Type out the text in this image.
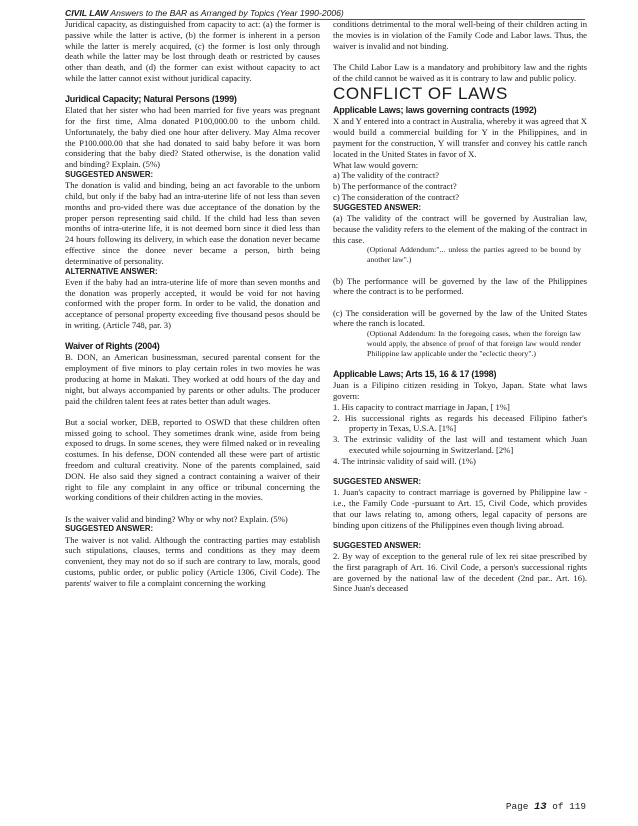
CIVIL LAW Answers to the BAR as Arranged by Topics (Year 1990-2006)

Juridical capacity, as distinguished from capacity to act: (a) the former is passive while the latter is active, (b) the former is inherent in a person while the latter is merely acquired, (c) the former is lost only through death while the latter may be lost through death or restricted by causes other than death, and (d) the former can exist without capacity to act while the latter cannot exist without juridical capacity.

Juridical Capacity; Natural Persons (1999)

Elated that her sister who had been married for five years was pregnant for the first time, Alma donated P100,000.00 to the unborn child. Unfortunately, the baby died one hour after delivery. May Alma recover the P100.000.00 that she had donated to said baby before it was born considering that the baby died? Stated otherwise, is the donation valid and binding? Explain. (5%)

SUGGESTED ANSWER:

The donation is valid and binding, being an act favorable to the unborn child, but only if the baby had an intra-uterine life of not less than seven months and pro-vided there was due acceptance of the donation by the proper person representing said child. If the child had less than seven months of intra-uterine life, it is not deemed born since it died less than 24 hours following its delivery, in which ease the donation never became effective since the donee never became a person, birth being determinative of personality.

ALTERNATIVE ANSWER:

Even if the baby had an intra-uterine life of more than seven months and the donation was properly accepted, it would be void for not having conformed with the proper form. In order to be valid, the donation and acceptance of personal property exceeding five thousand pesos should be in writing. (Article 748, par. 3)

Waiver of Rights (2004)

B. DON, an American businessman, secured parental consent for the employment of five minors to play certain roles in two movies he was producing at home in Makati. They worked at odd hours of the day and night, but always accompanied by parents or other adults. The producer paid the children talent fees at rates better than adult wages.

But a social worker, DEB, reported to OSWD that these children often missed going to school. They sometimes drank wine, aside from being exposed to drugs. In some scenes, they were filmed naked or in revealing costumes. In his defense, DON contended all these were part of artistic freedom and cultural creativity. None of the parents complained, said DON. He also said they signed a contract containing a waiver of their right to file any complaint in any office or tribunal concerning the working conditions of their children acting in the movies.

Is the waiver valid and binding? Why or why not? Explain. (5%)

SUGGESTED ANSWER:

The waiver is not valid. Although the contracting parties may establish such stipulations, clauses, terms and conditions as they may deem convenient, they may not do so if such are contrary to law, morals, good customs, public order, or public policy (Article 1306, Civil Code). The parents' waiver to file a complaint concerning the working

conditions detrimental to the moral well-being of their children acting in the movies is in violation of the Family Code and Labor laws. Thus, the waiver is invalid and not binding.

The Child Labor Law is a mandatory and prohibitory law and the rights of the child cannot be waived as it is contrary to law and public policy.

CONFLICT OF LAWS

Applicable Laws; laws governing contracts (1992)

X and Y entered into a contract in Australia, whereby it was agreed that X would build a commercial building for Y in the Philippines, and in payment for the construction, Y will transfer and convey his cattle ranch located in the United States in favor of X.

What law would govern:

a) The validity of the contract?

b) The performance of the contract?

c) The consideration of the contract?

SUGGESTED ANSWER:

(a) The validity of the contract will be governed by Australian law, because the validity refers to the element of the making of the contract in this case.

(Optional Addendum:"... unless the parties agreed to be bound by another law".)

(b) The performance will be governed by the law of the Philippines where the contract is to be performed.

(c) The consideration will be governed by the law of the United States where the ranch is located.

(Optional Addendum: In the foregoing cases, when the foreign law would apply, the absence of proof of that foreign law would render Philippine law applicable under the "eclectic theory".)

Applicable Laws; Arts 15, 16 & 17 (1998)

Juan is a Filipino citizen residing in Tokyo, Japan. State what laws govern:

1. His capacity to contract marriage in Japan, [ 1%]

2. His successional rights as regards his deceased Filipino father's property in Texas, U.S.A. [1%]

3. The extrinsic validity of the last will and testament which Juan executed while sojourning in Switzerland. [2%]

4. The intrinsic validity of said will. (1%)

SUGGESTED ANSWER:

1. Juan's capacity to contract marriage is governed by Philippine law - i.e., the Family Code -pursuant to Art. 15, Civil Code, which provides that our laws relating to, among others, legal capacity of persons are binding upon citizens of the Philippines even though living abroad.

SUGGESTED ANSWER:

2. By way of exception to the general rule of lex rei sitae prescribed by the first paragraph of Art. 16. Civil Code, a person's successional rights are governed by the national law of the decedent (2nd par.. Art. 16). Since Juan's deceased

Page 13 of 119
